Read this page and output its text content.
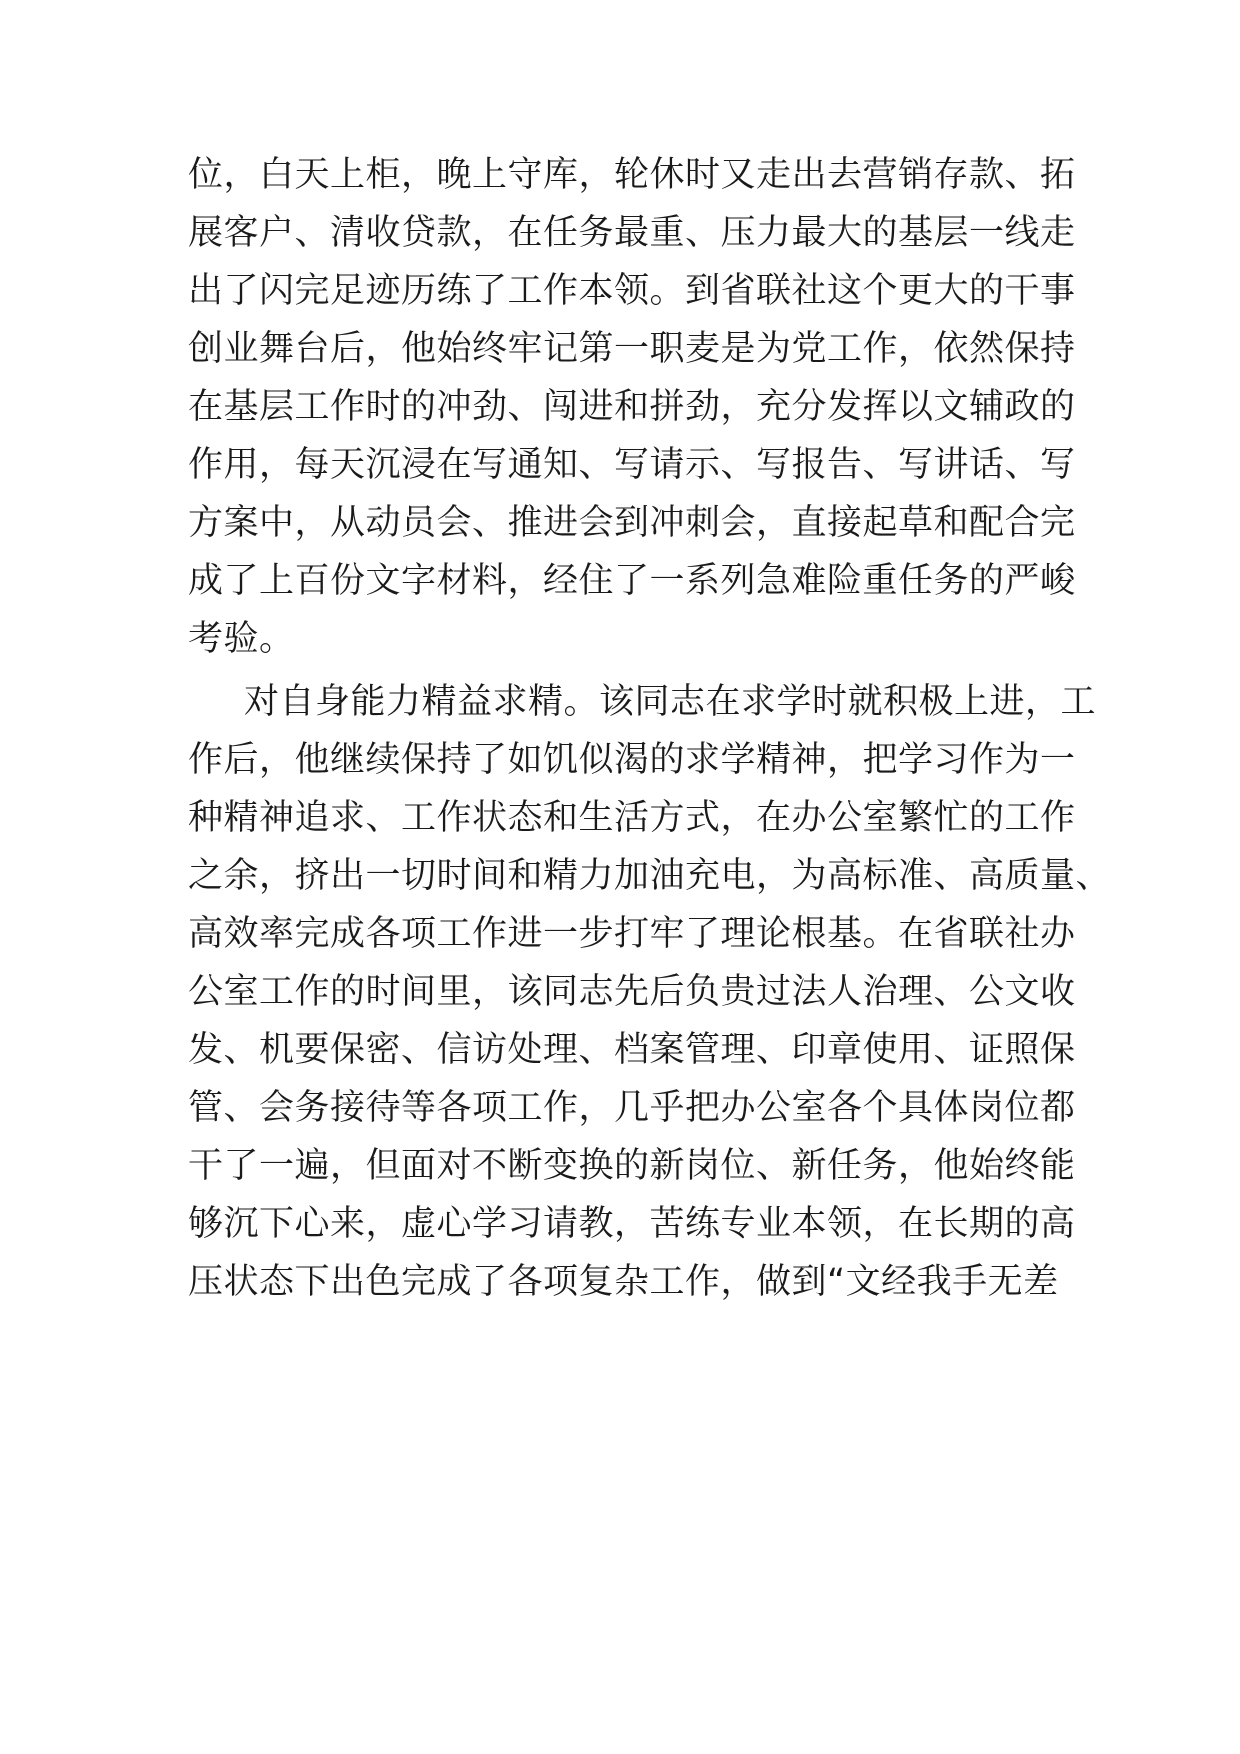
位，白天上柜，晚上守库，轮休时又走出去营销存款、拓

展客户、清收贷款，在任务最重、压力最大的基层一线走

出了闪完足迹历练了工作本领。到省联社这个更大的干事

创业舞台后，他始终牢记第一职麦是为党工作，依然保持

在基层工作时的冲劲、闯进和拼劲，充分发挥以文辅政的

作用，每天沉浸在写通知、写请示、写报告、写讲话、写

方案中，从动员会、推进会到冲刺会，直接起草和配合完

成了上百份文字材料，经住了一系列急难险重任务的严峻

考验。

对自身能力精益求精。该同志在求学时就积极上进，工

作后，他继续保持了如饥似渴的求学精神，把学习作为一

种精神追求、工作状态和生活方式，在办公室繁忙的工作

之余，挤出一切时间和精力加油充电，为高标准、高质量、

高效率完成各项工作进一步打牢了理论根基。在省联社办

公室工作的时间里，该同志先后负贵过法人治理、公文收

发、机要保密、信访处理、档案管理、印章使用、证照保

管、会务接待等各项工作，几乎把办公室各个具体岗位都

干了一遍，但面对不断变换的新岗位、新任务，他始终能

够沉下心来，虚心学习请教，苦练专业本领，在长期的高

压状态下出色完成了各项复杂工作，做到“文经我手无差
